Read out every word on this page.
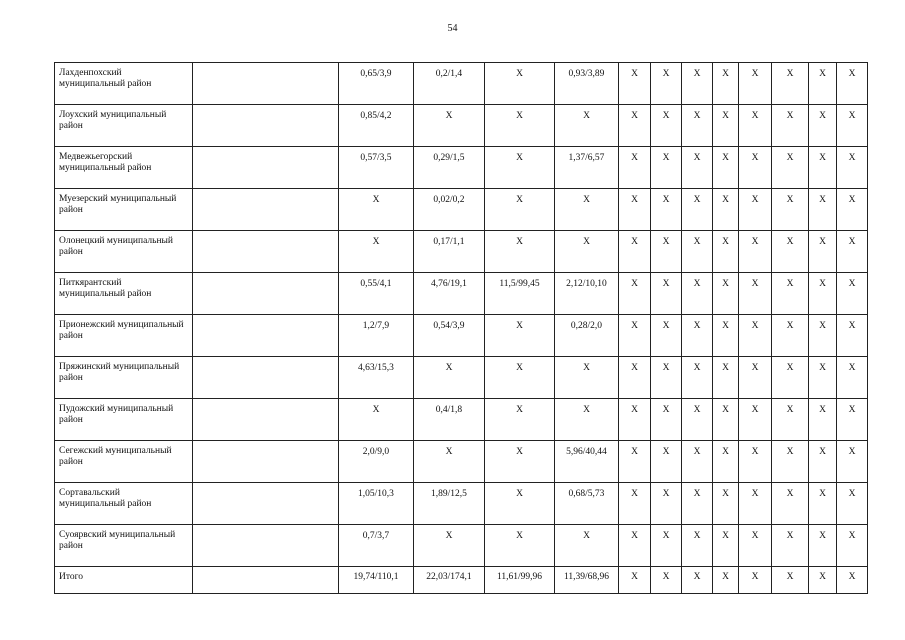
54
Лахденпохский муниципальный район		0,65/3,9	0,2/1,4	Х	0,93/3,89	Х	Х	Х	Х	Х	Х	Х	Х
Лоухский муниципальный район		0,85/4,2	Х	Х	Х	Х	Х	Х	Х	Х	Х	Х	Х
Медвежьегорский муниципальный район		0,57/3,5	0,29/1,5	Х	1,37/6,57	Х	Х	Х	Х	Х	Х	Х	Х
Муезерский муниципальный район		Х	0,02/0,2	Х	Х	Х	Х	Х	Х	Х	Х	Х	Х
Олонецкий муниципальный район		Х	0,17/1,1	Х	Х	Х	Х	Х	Х	Х	Х	Х	Х
Питкярантский муниципальный район		0,55/4,1	4,76/19,1	11,5/99,45	2,12/10,10	Х	Х	Х	Х	Х	Х	Х	Х
Прионежский муниципальный район		1,2/7,9	0,54/3,9	Х	0,28/2,0	Х	Х	Х	Х	Х	Х	Х	Х
Пряжинский муниципальный район		4,63/15,3	Х	Х	Х	Х	Х	Х	Х	Х	Х	Х	Х
Пудожский муниципальный район		Х	0,4/1,8	Х	Х	Х	Х	Х	Х	Х	Х	Х	Х
Сегежский муниципальный район		2,0/9,0	Х	Х	5,96/40,44	Х	Х	Х	Х	Х	Х	Х	Х
Сортавальский муниципальный район		1,05/10,3	1,89/12,5	Х	0,68/5,73	Х	Х	Х	Х	Х	Х	Х	Х
Суоярвский муниципальный район		0,7/3,7	Х	Х	Х	Х	Х	Х	Х	Х	Х	Х	Х
Итого		19,74/110,1	22,03/174,1	11,61/99,96	11,39/68,96	Х	Х	Х	Х	Х	Х	Х	Х
